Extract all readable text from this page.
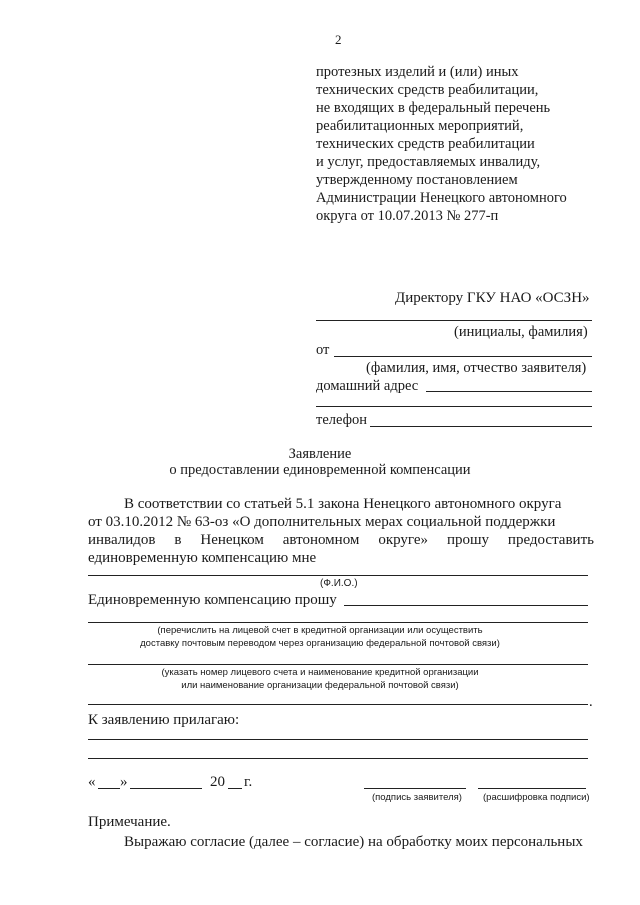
2
протезных изделий и (или) иных
технических средств реабилитации,
не входящих в федеральный перечень
реабилитационных мероприятий,
технических средств реабилитации
и услуг, предоставляемых инвалиду,
утвержденному постановлением
Администрации Ненецкого автономного
округа от 10.07.2013 № 277-п
Директору ГКУ НАО «ОСЗН»
(инициалы, фамилия)
от
(фамилия, имя, отчество заявителя)
домашний адрес
телефон
Заявление
о предоставлении единовременной компенсации
В соответствии со статьей 5.1 закона Ненецкого автономного округа
от 03.10.2012 № 63-оз «О дополнительных мерах социальной поддержки
инвалидов в Ненецком автономном округе» прошу предоставить
единовременную компенсацию мне
(Ф.И.О.)
Единовременную компенсацию прошу
(перечислить на лицевой счет в кредитной организации или осуществить
доставку почтовым переводом через организацию федеральной почтовой связи)
(указать номер лицевого счета и наименование кредитной организации
или наименование организации федеральной почтовой связи)
.
К заявлению прилагаю:
« »	20 г.
(подпись заявителя) (расшифровка подписи)
Примечание.
Выражаю согласие (далее – согласие) на обработку моих персональных
